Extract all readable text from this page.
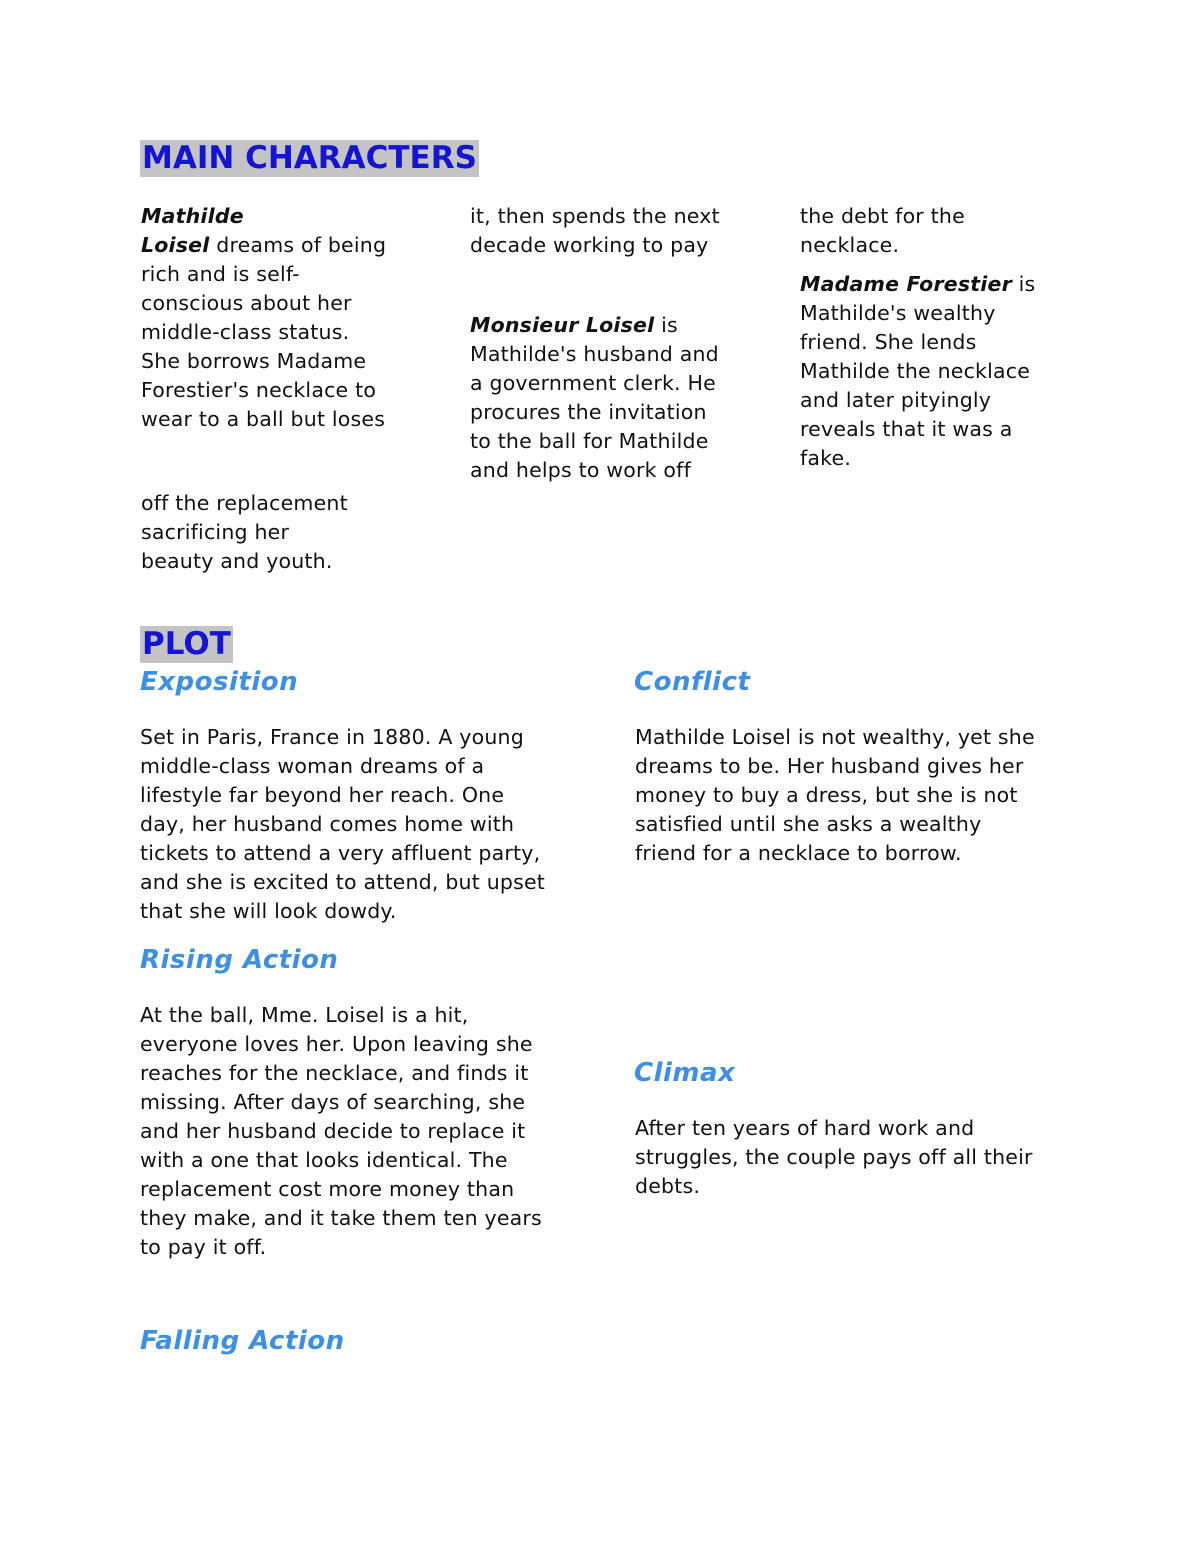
MAIN CHARACTERS
Mathilde
Loisel dreams of being
rich and is self-
conscious about her
middle-class status.
She borrows Madame
Forestier's necklace to
wear to a ball but loses
off the replacement
sacrificing her
beauty and youth.
it, then spends the next
decade working to pay
Monsieur Loisel is
Mathilde's husband and
a government clerk. He
procures the invitation
to the ball for Mathilde
and helps to work off
the debt for the
necklace.
Madame Forestier is
Mathilde's wealthy
friend. She lends
Mathilde the necklace
and later pityingly
reveals that it was a
fake.
PLOT
Exposition
Set in Paris, France in 1880. A young
middle-class woman dreams of a
lifestyle far beyond her reach. One
day, her husband comes home with
tickets to attend a very affluent party,
and she is excited to attend, but upset
that she will look dowdy.
Conflict
Mathilde Loisel is not wealthy, yet she
dreams to be. Her husband gives her
money to buy a dress, but she is not
satisfied until she asks a wealthy
friend for a necklace to borrow.
Rising Action
At the ball, Mme. Loisel is a hit,
everyone loves her. Upon leaving she
reaches for the necklace, and finds it
missing. After days of searching, she
and her husband decide to replace it
with a one that looks identical. The
replacement cost more money than
they make, and it take them ten years
to pay it off.
Climax
After ten years of hard work and
struggles, the couple pays off all their
debts.
Falling Action
